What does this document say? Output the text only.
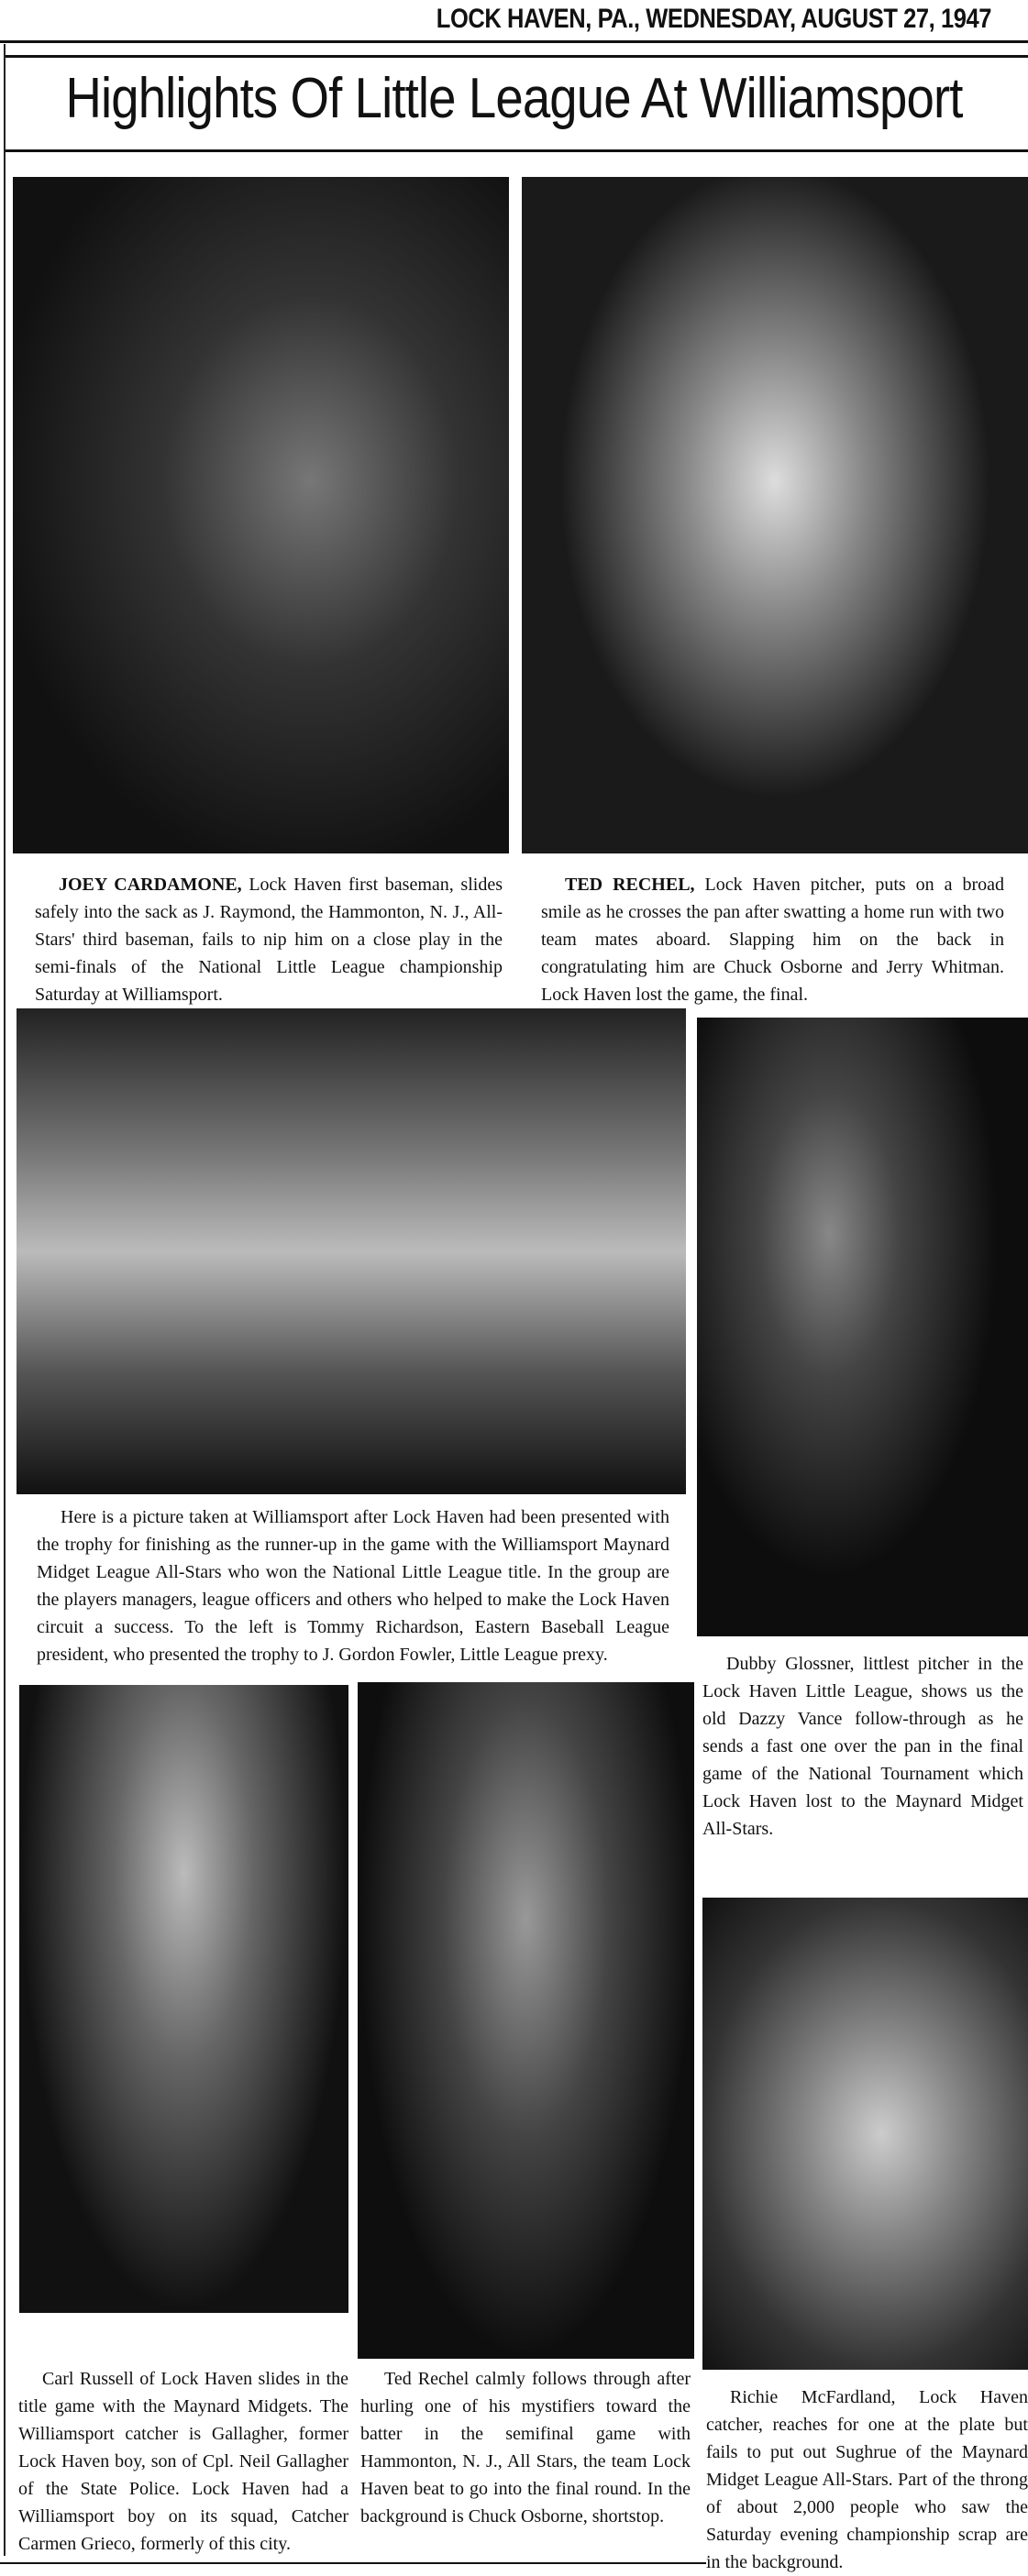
LOCK HAVEN, PA., WEDNESDAY, AUGUST 27, 1947
Highlights Of Little League At Williamsport

JOEY CARDAMONE, Lock Haven first baseman, slides safely into the sack as J. Raymond, the Hammonton, N. J., All-Stars' third baseman, fails to nip him on a close play in the semi-finals of the National Little League championship Saturday at Williamsport.

TED RECHEL, Lock Haven pitcher, puts on a broad smile as he crosses the pan after swatting a home run with two team mates aboard. Slapping him on the back in congratulating him are Chuck Osborne and Jerry Whitman. Lock Haven lost the game, the final.

Here is a picture taken at Williamsport after Lock Haven had been presented with the trophy for finishing as the runner-up in the game with the Williamsport Maynard Midget League All-Stars who won the National Little League title. In the group are the players managers, league officers and others who helped to make the Lock Haven circuit a success. To the left is Tommy Richardson, Eastern Baseball League president, who presented the trophy to J. Gordon Fowler, Little League prexy.	Dubby Glossner, littlest pitcher in the Lock Haven Little League, shows us the old Dazzy Vance follow-through as he sends a fast one over the pan in the final game of the National Tournament which Lock Haven lost to the Maynard Midget All-Stars.

Carl Russell of Lock Haven slides in the title game with the Maynard Midgets. The Williamsport catcher is Gallagher, former Lock Haven boy, son of Cpl. Neil Gallagher of the State Police. Lock Haven had a Williamsport boy on its squad, Catcher Carmen Grieco, formerly of this city.

Ted Rechel calmly follows through after hurling one of his mystifiers toward the batter in the semifinal game with Hammonton, N. J., All Stars, the team Lock Haven beat to go into the final round. In the background is Chuck Osborne, shortstop.

Richie McFardland, Lock Haven catcher, reaches for one at the plate but fails to put out Sughrue of the Maynard Midget League All-Stars. Part of the throng of about 2,000 people who saw the Saturday evening championship scrap are in the background.
